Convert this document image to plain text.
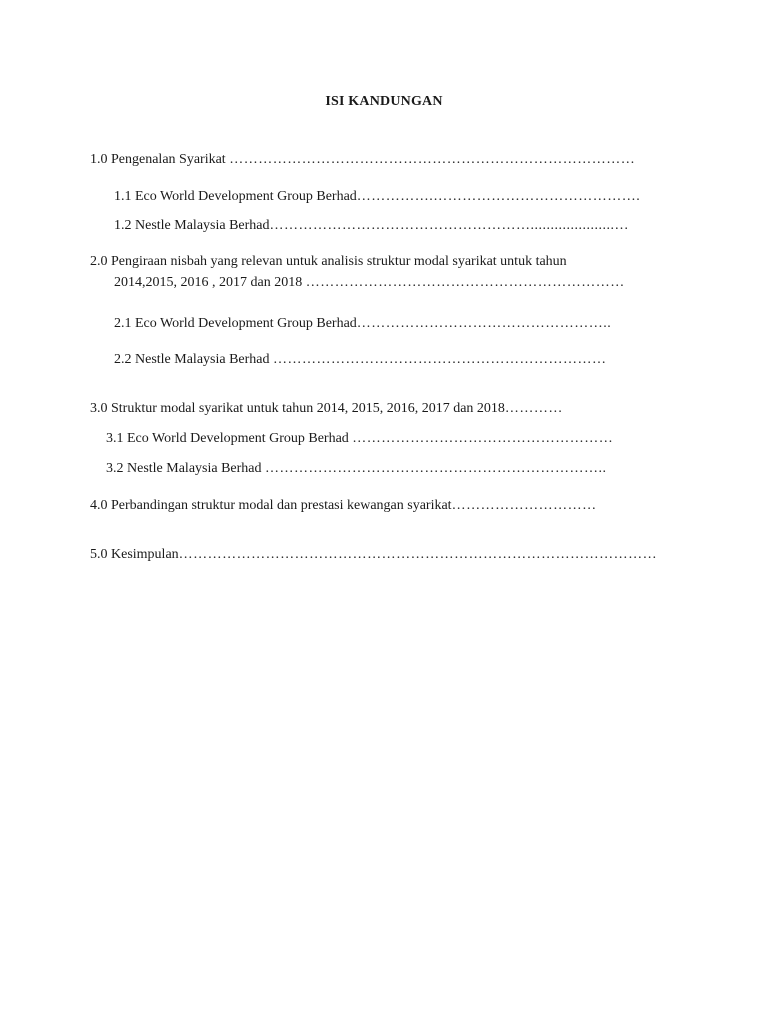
ISI KANDUNGAN
1.0 Pengenalan Syarikat …………………………………………………………………………
1.1 Eco World Development Group Berhad…………….…………………………………….
1.2 Nestle Malaysia Berhad……………………………………………….....................…
2.0 Pengiraan nisbah yang relevan untuk analisis struktur modal syarikat untuk tahun
2014,2015, 2016 , 2017 dan 2018 …………………………………………………………
2.1 Eco World Development Group Berhad……………………………………………..
2.2 Nestle Malaysia Berhad ……………………………………………………………
3.0 Struktur modal syarikat untuk tahun 2014, 2015, 2016, 2017 dan 2018…………
3.1 Eco World Development Group Berhad ………………………………………………
3.2 Nestle Malaysia Berhad ……………………………………………………………..
4.0 Perbandingan struktur modal dan prestasi kewangan syarikat…………………………
5.0 Kesimpulan………………………………………………………………………………………
